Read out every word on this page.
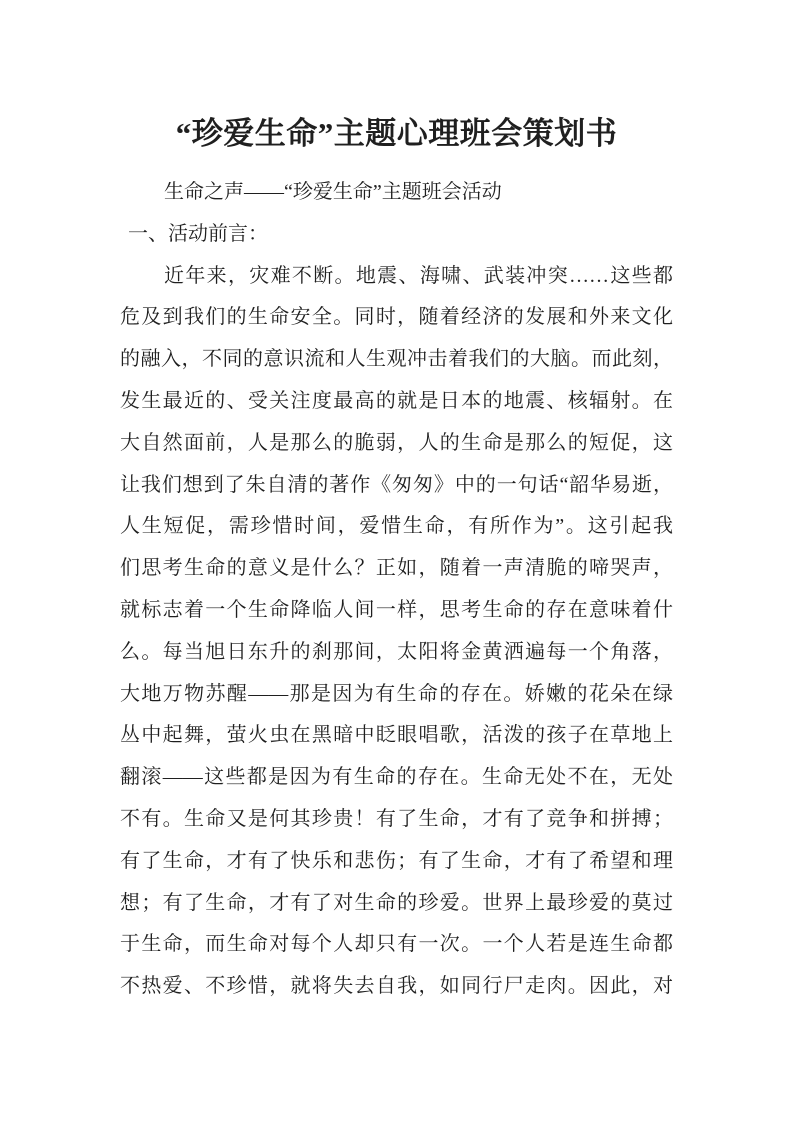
“珍爱生命”主题心理班会策划书
生命之声——“珍爱生命”主题班会活动
一、活动前言：
近年来，灾难不断。地震、海啸、武装冲突……这些都
危及到我们的生命安全。同时，随着经济的发展和外来文化
的融入，不同的意识流和人生观冲击着我们的大脑。而此刻，
发生最近的、受关注度最高的就是日本的地震、核辐射。在
大自然面前，人是那么的脆弱，人的生命是那么的短促，这
让我们想到了朱自清的著作《匆匆》中的一句话“韶华易逝，
人生短促，需珍惜时间，爱惜生命，有所作为”。这引起我
们思考生命的意义是什么？正如，随着一声清脆的啼哭声，
就标志着一个生命降临人间一样，思考生命的存在意味着什
么。每当旭日东升的刹那间，太阳将金黄洒遍每一个角落，
大地万物苏醒——那是因为有生命的存在。娇嫩的花朵在绿
丛中起舞，萤火虫在黑暗中眨眼唱歌，活泼的孩子在草地上
翻滚——这些都是因为有生命的存在。生命无处不在，无处
不有。生命又是何其珍贵！有了生命，才有了竞争和拼搏；
有了生命，才有了快乐和悲伤；有了生命，才有了希望和理
想；有了生命，才有了对生命的珍爱。世界上最珍爱的莫过
于生命，而生命对每个人却只有一次。一个人若是连生命都
不热爱、不珍惜，就将失去自我，如同行尸走肉。因此，对
